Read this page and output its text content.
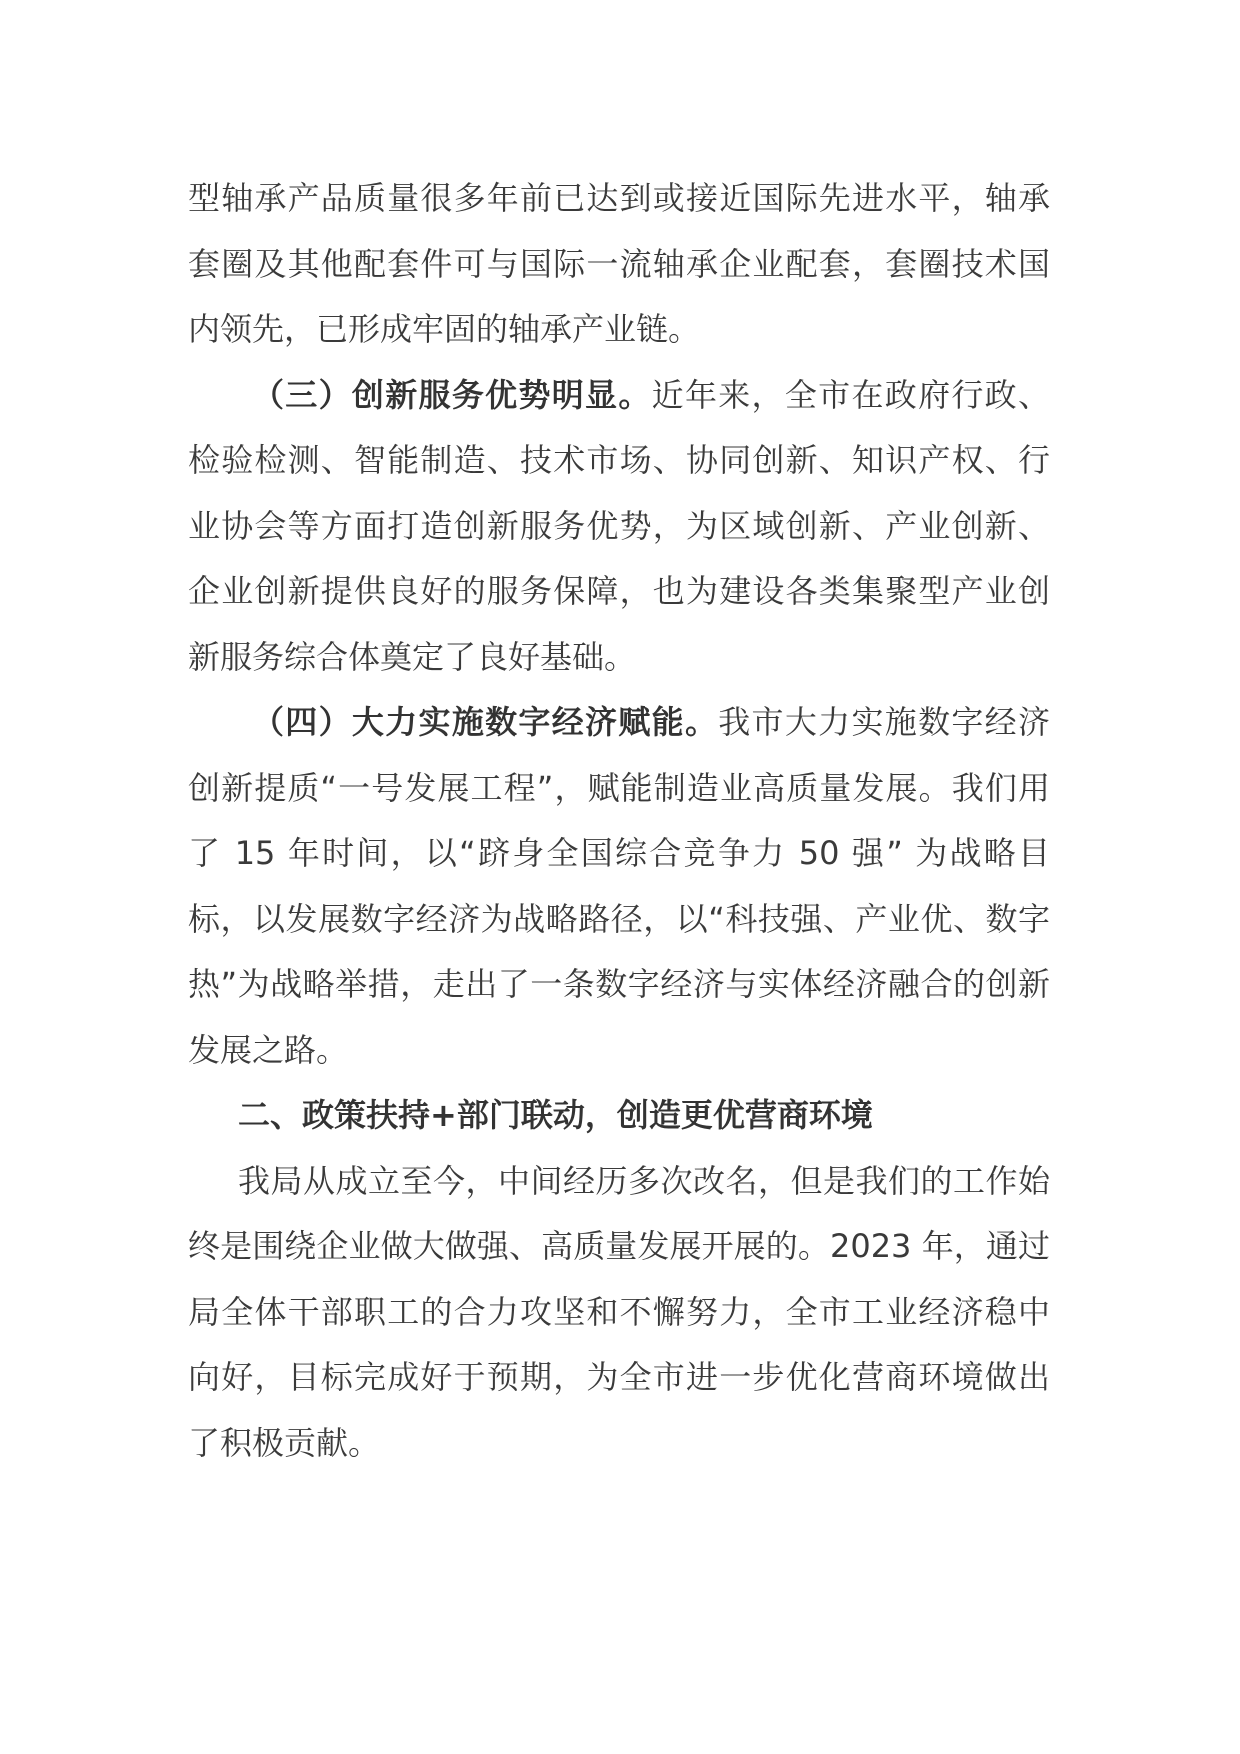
型轴承产品质量很多年前已达到或接近国际先进水平，轴承套圈及其他配套件可与国际一流轴承企业配套，套圈技术国内领先，已形成牢固的轴承产业链。

（三）创新服务优势明显。近年来，全市在政府行政、检验检测、智能制造、技术市场、协同创新、知识产权、行业协会等方面打造创新服务优势，为区域创新、产业创新、企业创新提供良好的服务保障，也为建设各类集聚型产业创新服务综合体奠定了良好基础。

（四）大力实施数字经济赋能。我市大力实施数字经济创新提质“一号发展工程”，赋能制造业高质量发展。我们用了 15 年时间，以“跻身全国综合竞争力 50 强” 为战略目标，以发展数字经济为战略路径，以“科技强、产业优、数字热”为战略举措，走出了一条数字经济与实体经济融合的创新发展之路。

二、政策扶持+部门联动，创造更优营商环境

我局从成立至今，中间经历多次改名，但是我们的工作始终是围绕企业做大做强、高质量发展开展的。2023 年，通过局全体干部职工的合力攻坚和不懈努力，全市工业经济稳中向好，目标完成好于预期，为全市进一步优化营商环境做出了积极贡献。
